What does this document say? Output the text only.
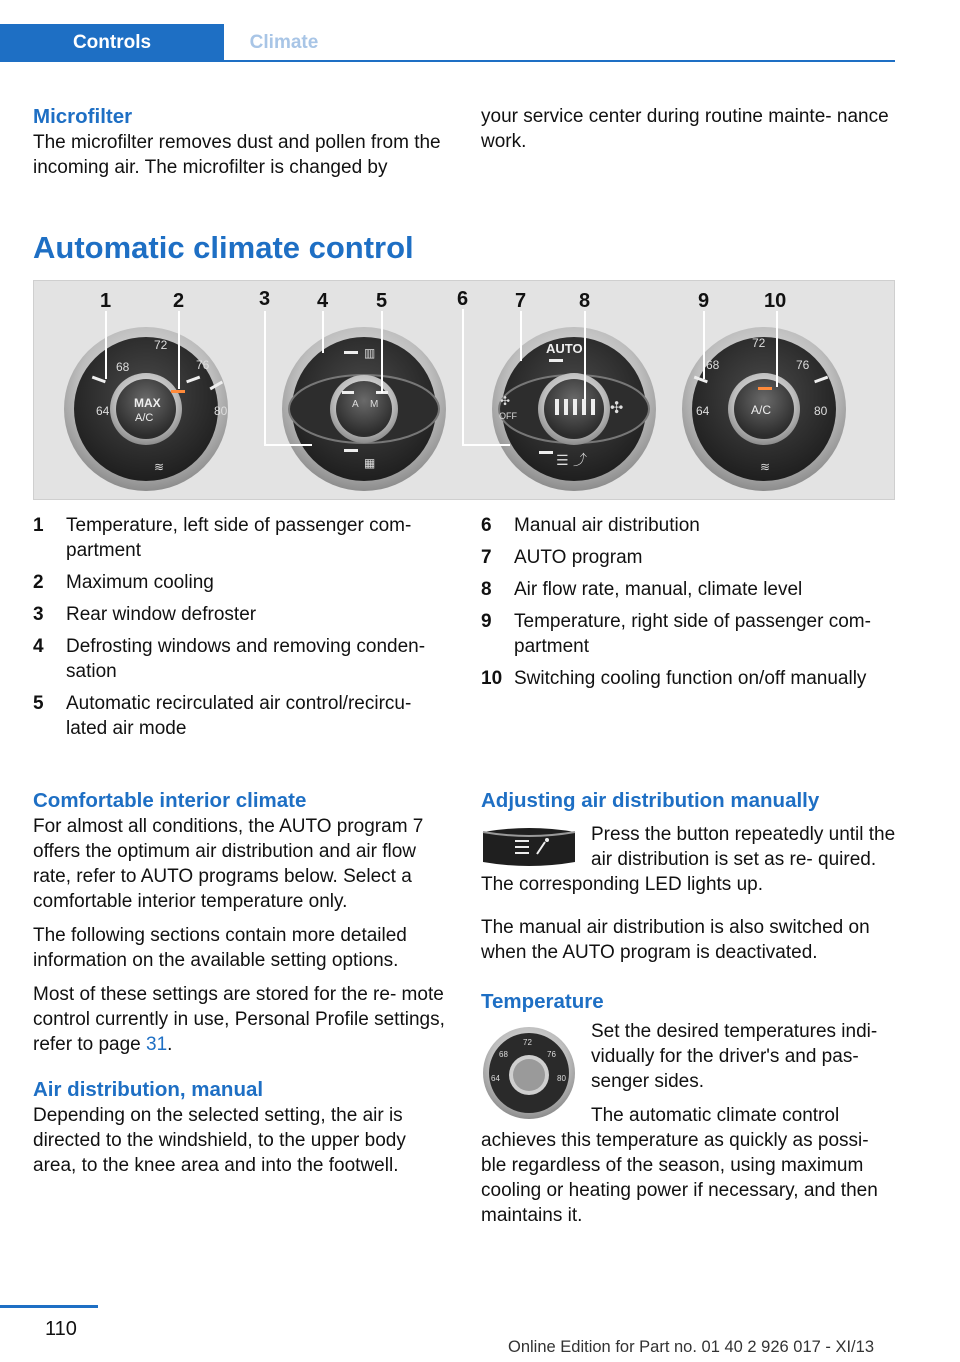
Controls	Climate
Microfilter
The microfilter removes dust and pollen from the incoming air. The microfilter is changed by
your service center during routine mainte‐ nance work.
Automatic climate control
68
72
76
64	80
MAX
A/C
≋
A M
▥
▦
AUTO
✣
OFF	✣
☰ ⤴
68
72
76
64	80
A/C
≋
1	2	3 4 5	6 7	8	9	10
1 Temperature, left side of passenger com‐ partment
2 Maximum cooling
3 Rear window defroster
4 Defrosting windows and removing conden‐ sation
5 Automatic recirculated air control/recircu‐ lated air mode
6 Manual air distribution
7 AUTO program
8 Air flow rate, manual, climate level
9 Temperature, right side of passenger com‐ partment
10 Switching cooling function on/off manually
Comfortable interior climate
For almost all conditions, the AUTO program 7 offers the optimum air distribution and air flow rate, refer to AUTO programs below. Select a comfortable interior temperature only.
The following sections contain more detailed information on the available setting options.
Most of these settings are stored for the re‐ mote control currently in use, Personal Profile settings, refer to page 31.
Air distribution, manual
Depending on the selected setting, the air is directed to the windshield, to the upper body area, to the knee area and into the footwell.
Adjusting air distribution manually
Press the button repeatedly until the air distribution is set as re‐ quired. The corresponding LED lights up.
The manual air distribution is also switched on when the AUTO program is deactivated.
Temperature
68
72
76
64	80
Set the desired temperatures indi‐ vidually for the driver's and pas‐ senger sides.
The automatic climate control achieves this temperature as quickly as possi‐ ble regardless of the season, using maximum cooling or heating power if necessary, and then maintains it.
110
Online Edition for Part no. 01 40 2 926 017 - XI/13
